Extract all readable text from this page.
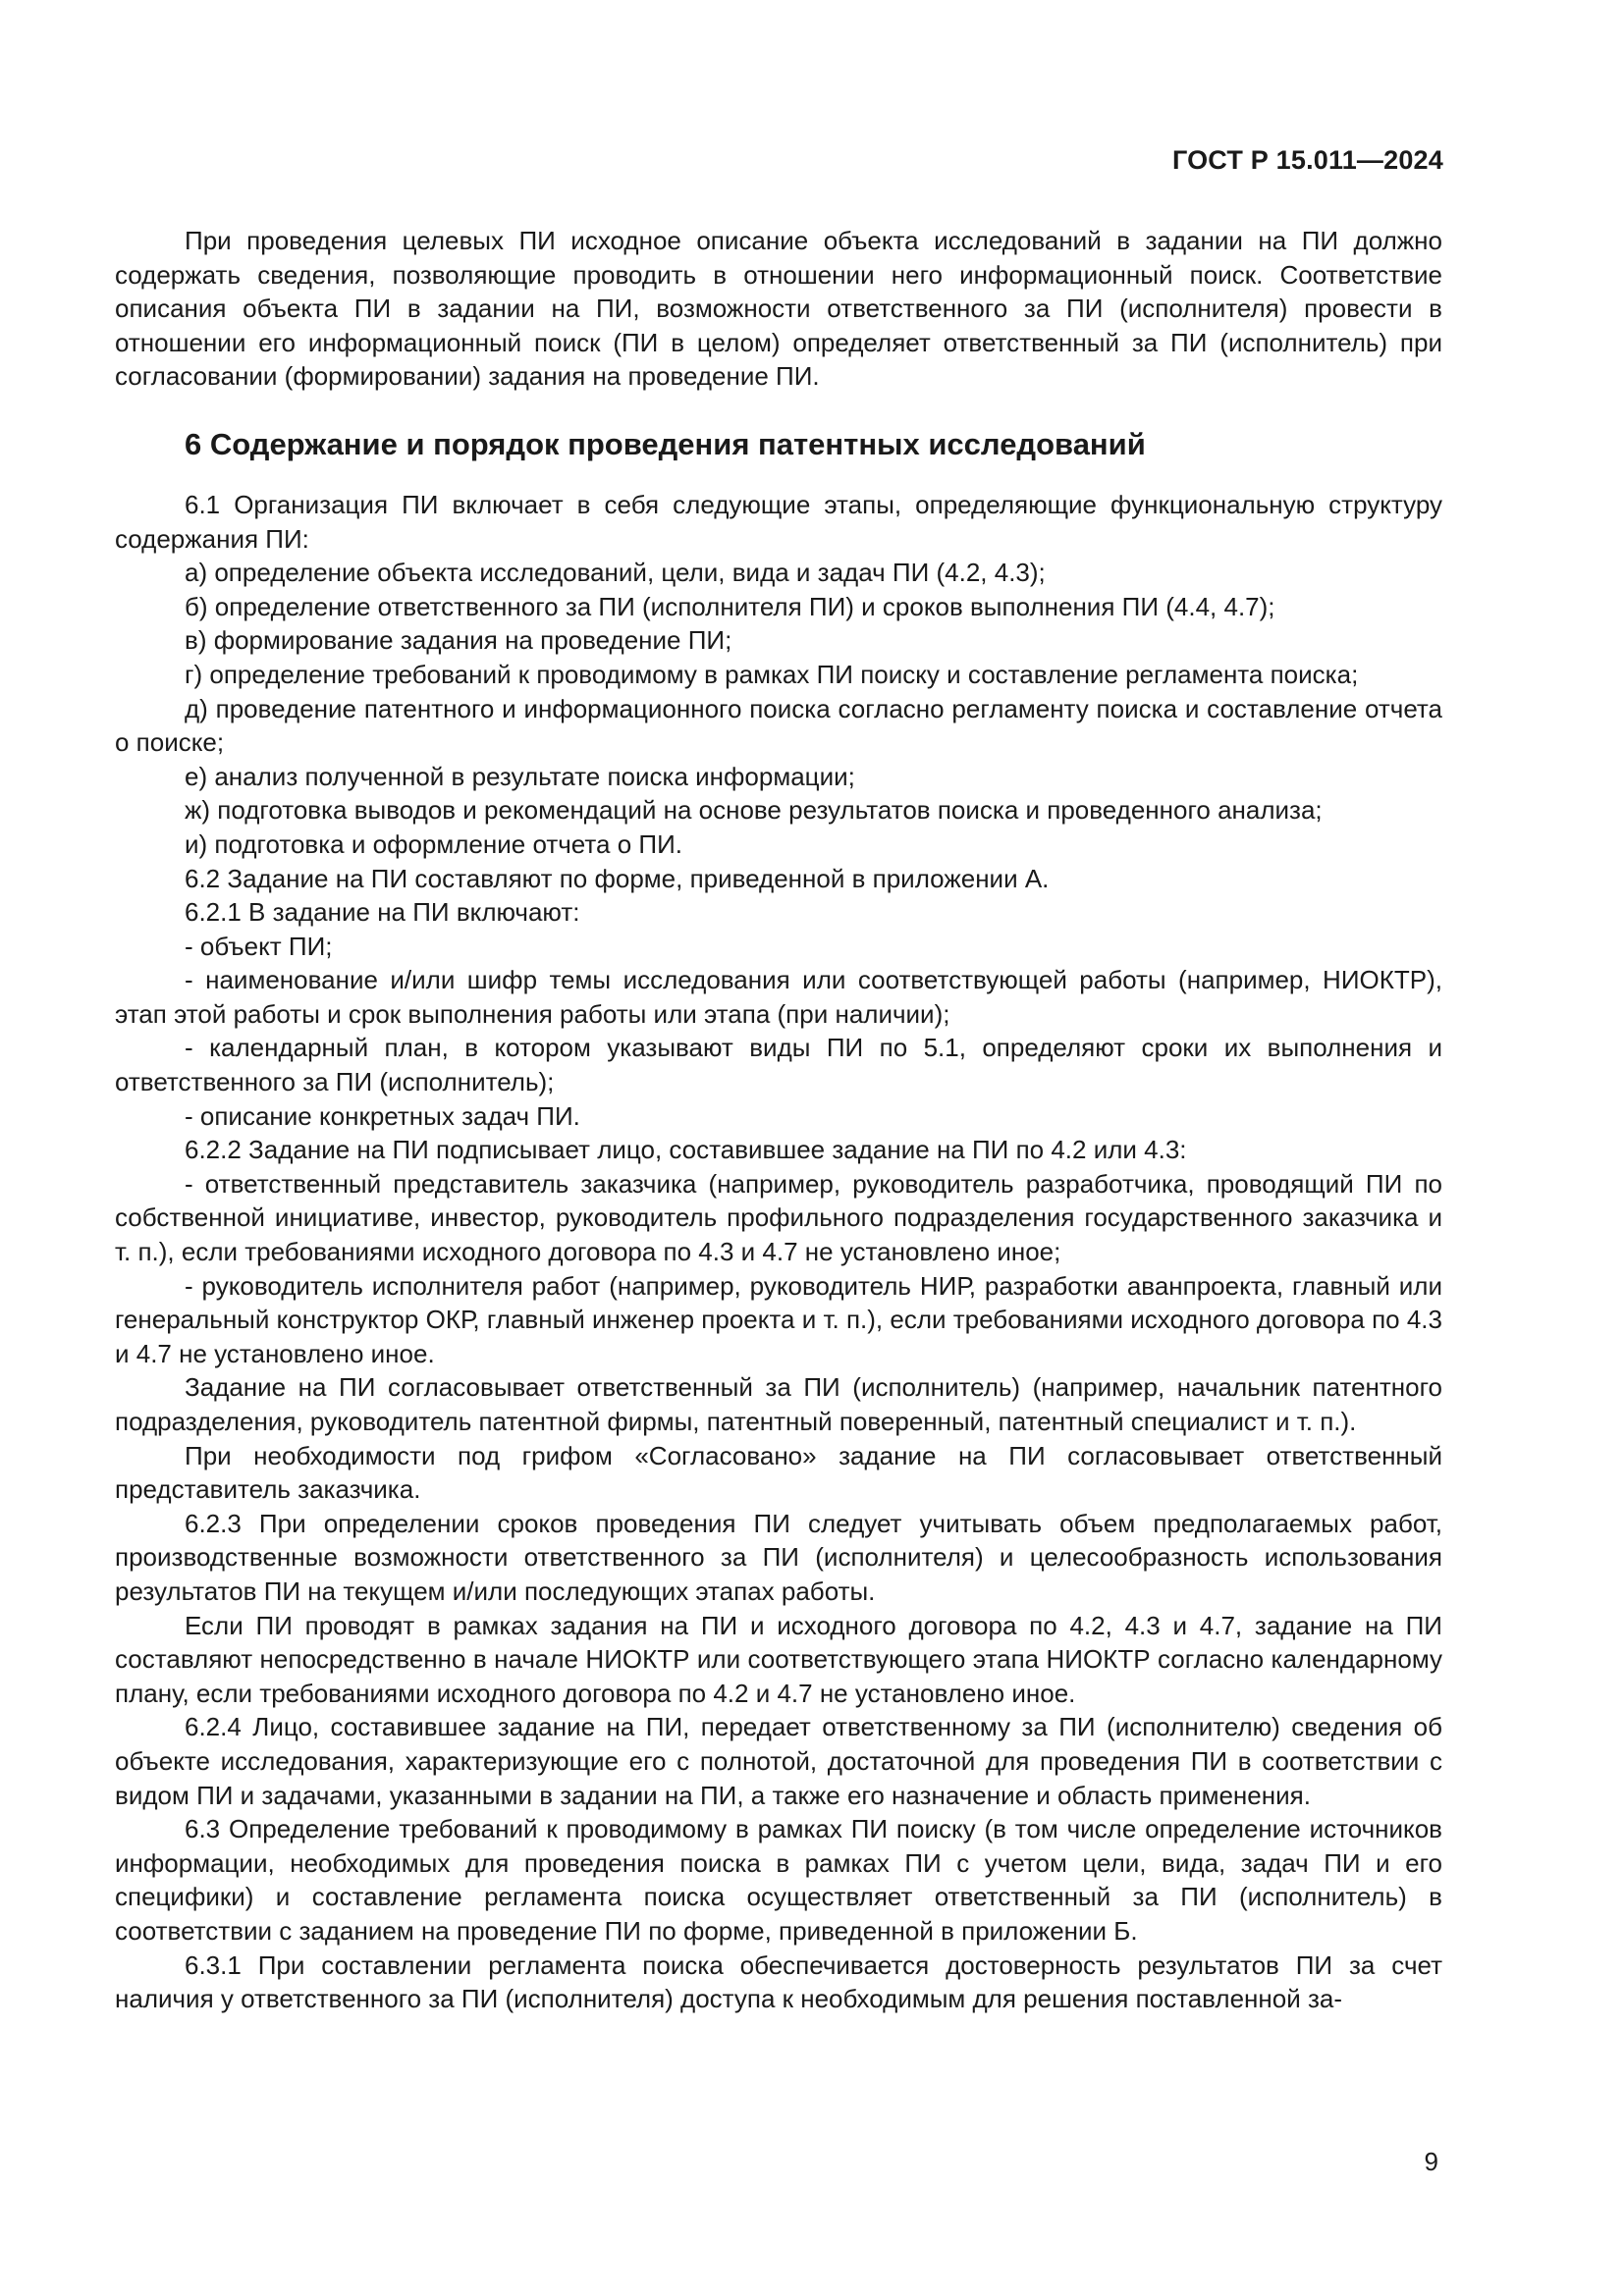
ГОСТ Р 15.011—2024

При проведения целевых ПИ исходное описание объекта исследований в задании на ПИ должно содержать сведения, позволяющие проводить в отношении него информационный поиск. Соответствие описания объекта ПИ в задании на ПИ, возможности ответственного за ПИ (исполнителя) провести в отношении его информационный поиск (ПИ в целом) определяет ответственный за ПИ (исполнитель) при согласовании (формировании) задания на проведение ПИ.

6 Содержание и порядок проведения патентных исследований

6.1 Организация ПИ включает в себя следующие этапы, определяющие функциональную структуру содержания ПИ:

а) определение объекта исследований, цели, вида и задач ПИ (4.2, 4.3);

б) определение ответственного за ПИ (исполнителя ПИ) и сроков выполнения ПИ (4.4, 4.7);

в) формирование задания на проведение ПИ;

г) определение требований к проводимому в рамках ПИ поиску и составление регламента поиска;

д) проведение патентного и информационного поиска согласно регламенту поиска и составление отчета о поиске;

е) анализ полученной в результате поиска информации;

ж) подготовка выводов и рекомендаций на основе результатов поиска и проведенного анализа;

и) подготовка и оформление отчета о ПИ.

6.2 Задание на ПИ составляют по форме, приведенной в приложении А.

6.2.1 В задание на ПИ включают:

- объект ПИ;

- наименование и/или шифр темы исследования или соответствующей работы (например, НИОКТР), этап этой работы и срок выполнения работы или этапа (при наличии);

- календарный план, в котором указывают виды ПИ по 5.1, определяют сроки их выполнения и ответственного за ПИ (исполнитель);

- описание конкретных задач ПИ.

6.2.2 Задание на ПИ подписывает лицо, составившее задание на ПИ по 4.2 или 4.3:

- ответственный представитель заказчика (например, руководитель разработчика, проводящий ПИ по собственной инициативе, инвестор, руководитель профильного подразделения государственного заказчика и т. п.), если требованиями исходного договора по 4.3 и 4.7 не установлено иное;

- руководитель исполнителя работ (например, руководитель НИР, разработки аванпроекта, главный или генеральный конструктор ОКР, главный инженер проекта и т. п.), если требованиями исходного договора по 4.3 и 4.7 не установлено иное.

Задание на ПИ согласовывает ответственный за ПИ (исполнитель) (например, начальник патентного подразделения, руководитель патентной фирмы, патентный поверенный, патентный специалист и т. п.).

При необходимости под грифом «Согласовано» задание на ПИ согласовывает ответственный представитель заказчика.

6.2.3 При определении сроков проведения ПИ следует учитывать объем предполагаемых работ, производственные возможности ответственного за ПИ (исполнителя) и целесообразность использования результатов ПИ на текущем и/или последующих этапах работы.

Если ПИ проводят в рамках задания на ПИ и исходного договора по 4.2, 4.3 и 4.7, задание на ПИ составляют непосредственно в начале НИОКТР или соответствующего этапа НИОКТР согласно календарному плану, если требованиями исходного договора по 4.2 и 4.7 не установлено иное.

6.2.4 Лицо, составившее задание на ПИ, передает ответственному за ПИ (исполнителю) сведения об объекте исследования, характеризующие его с полнотой, достаточной для проведения ПИ в соответствии с видом ПИ и задачами, указанными в задании на ПИ, а также его назначение и область применения.

6.3 Определение требований к проводимому в рамках ПИ поиску (в том числе определение источников информации, необходимых для проведения поиска в рамках ПИ с учетом цели, вида, задач ПИ и его специфики) и составление регламента поиска осуществляет ответственный за ПИ (исполнитель) в соответствии с заданием на проведение ПИ по форме, приведенной в приложении Б.

6.3.1 При составлении регламента поиска обеспечивается достоверность результатов ПИ за счет наличия у ответственного за ПИ (исполнителя) доступа к необходимым для решения поставленной за-

9
